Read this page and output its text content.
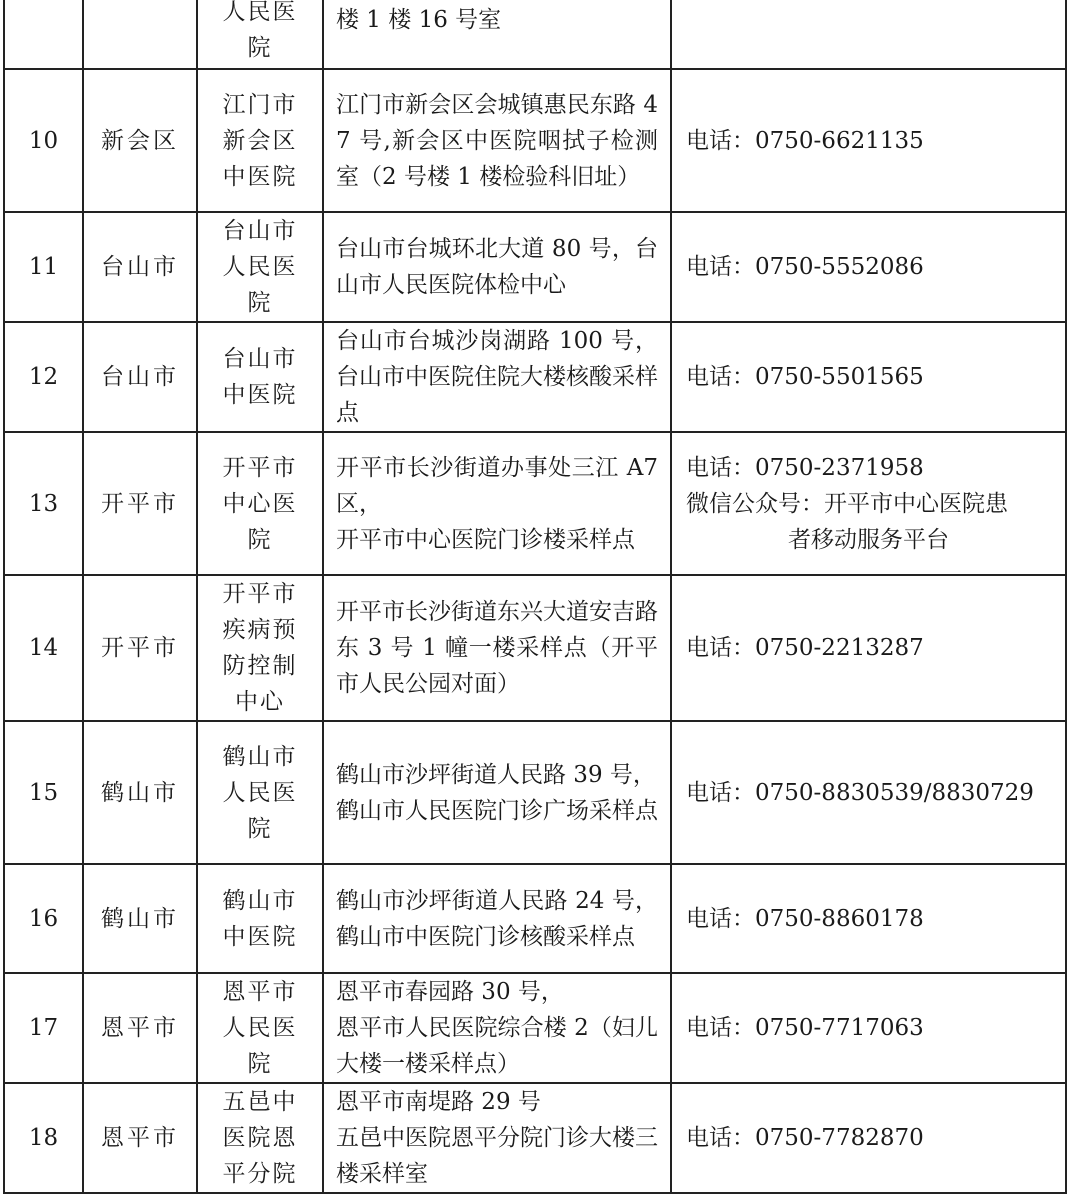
		人民医院	楼 1 楼 16 号室	

10	新会区	江门市新会区中医院	江门市新会区会城镇惠民东路 47 号,新会区中医院咽拭子检测室（2 号楼 1 楼检验科旧址）	电话：0750-6621135

11	台山市	台山市人民医院	台山市台城环北大道 80 号，台山市人民医院体检中心	电话：0750-5552086

12	台山市	台山市中医院	台山市台城沙岗湖路 100 号，台山市中医院住院大楼核酸采样点	电话：0750-5501565

13	开平市	开平市中心医院	开平市长沙街道办事处三江 A7 区，
开平市中心医院门诊楼采样点	电话：0750-2371958
微信公众号：开平市中心医院患
者移动服务平台

14	开平市	开平市疾病预防控制中心	开平市长沙街道东兴大道安吉路东 3 号 1 幢一楼采样点（开平市人民公园对面）	电话：0750-2213287

15	鹤山市	鹤山市人民医院	鹤山市沙坪街道人民路 39 号，
鹤山市人民医院门诊广场采样点	电话：0750-8830539/8830729

16	鹤山市	鹤山市中医院	鹤山市沙坪街道人民路 24 号，鹤山市中医院门诊核酸采样点	电话：0750-8860178

17	恩平市	恩平市人民医院	恩平市春园路 30 号，
恩平市人民医院综合楼 2（妇儿大楼一楼采样点）	电话：0750-7717063

18	恩平市	五邑中医院恩平分院	恩平市南堤路 29 号
五邑中医院恩平分院门诊大楼三楼采样室	电话：0750-7782870
